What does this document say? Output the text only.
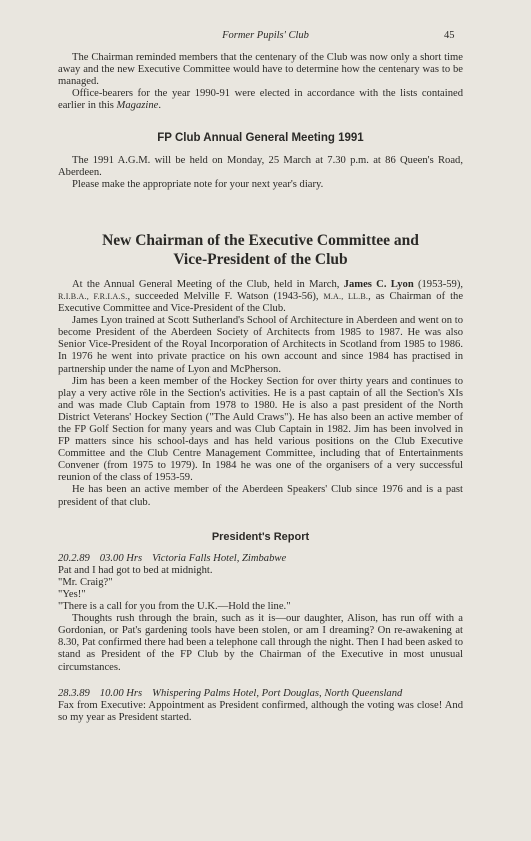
Former Pupils' Club	45

The Chairman reminded members that the centenary of the Club was now only a short time away and the new Executive Committee would have to determine how the centenary was to be managed.

Office-bearers for the year 1990-91 were elected in accordance with the lists contained earlier in this Magazine.

FP Club Annual General Meeting 1991

The 1991 A.G.M. will be held on Monday, 25 March at 7.30 p.m. at 86 Queen's Road, Aberdeen.

Please make the appropriate note for your next year's diary.

New Chairman of the Executive Committee and
Vice-President of the Club

At the Annual General Meeting of the Club, held in March, James C. Lyon (1953-59), R.I.B.A., F.R.I.A.S., succeeded Melville F. Watson (1943-56), M.A., LL.B., as Chairman of the Executive Committee and Vice-President of the Club.

James Lyon trained at Scott Sutherland's School of Architecture in Aberdeen and went on to become President of the Aberdeen Society of Architects from 1985 to 1987. He was also Senior Vice-President of the Royal Incorporation of Architects in Scotland from 1985 to 1986. In 1976 he went into private practice on his own account and since 1984 has practised in partnership under the name of Lyon and McPherson.

Jim has been a keen member of the Hockey Section for over thirty years and continues to play a very active rôle in the Section's activities. He is a past captain of all the Section's XIs and was made Club Captain from 1978 to 1980. He is also a past president of the North District Veterans' Hockey Section ("The Auld Craws"). He has also been an active member of the FP Golf Section for many years and was Club Captain in 1982. Jim has been involved in FP matters since his school-days and has held various positions on the Club Executive Committee and the Club Centre Management Committee, including that of Entertainments Convener (from 1975 to 1979). In 1984 he was one of the organisers of a very successful reunion of the class of 1953-59.

He has been an active member of the Aberdeen Speakers' Club since 1976 and is a past president of that club.

President's Report

20.2.89 03.00 Hrs Victoria Falls Hotel, Zimbabwe

Pat and I had got to bed at midnight.

"Mr. Craig?"

"Yes!"

"There is a call for you from the U.K.—Hold the line."

Thoughts rush through the brain, such as it is—our daughter, Alison, has run off with a Gordonian, or Pat's gardening tools have been stolen, or am I dreaming? On re-awakening at 8.30, Pat confirmed there had been a telephone call through the night. Then I had been asked to stand as President of the FP Club by the Chairman of the Executive in most unusual circumstances.

28.3.89 10.00 Hrs Whispering Palms Hotel, Port Douglas, North Queensland

Fax from Executive: Appointment as President confirmed, although the voting was close! And so my year as President started.
